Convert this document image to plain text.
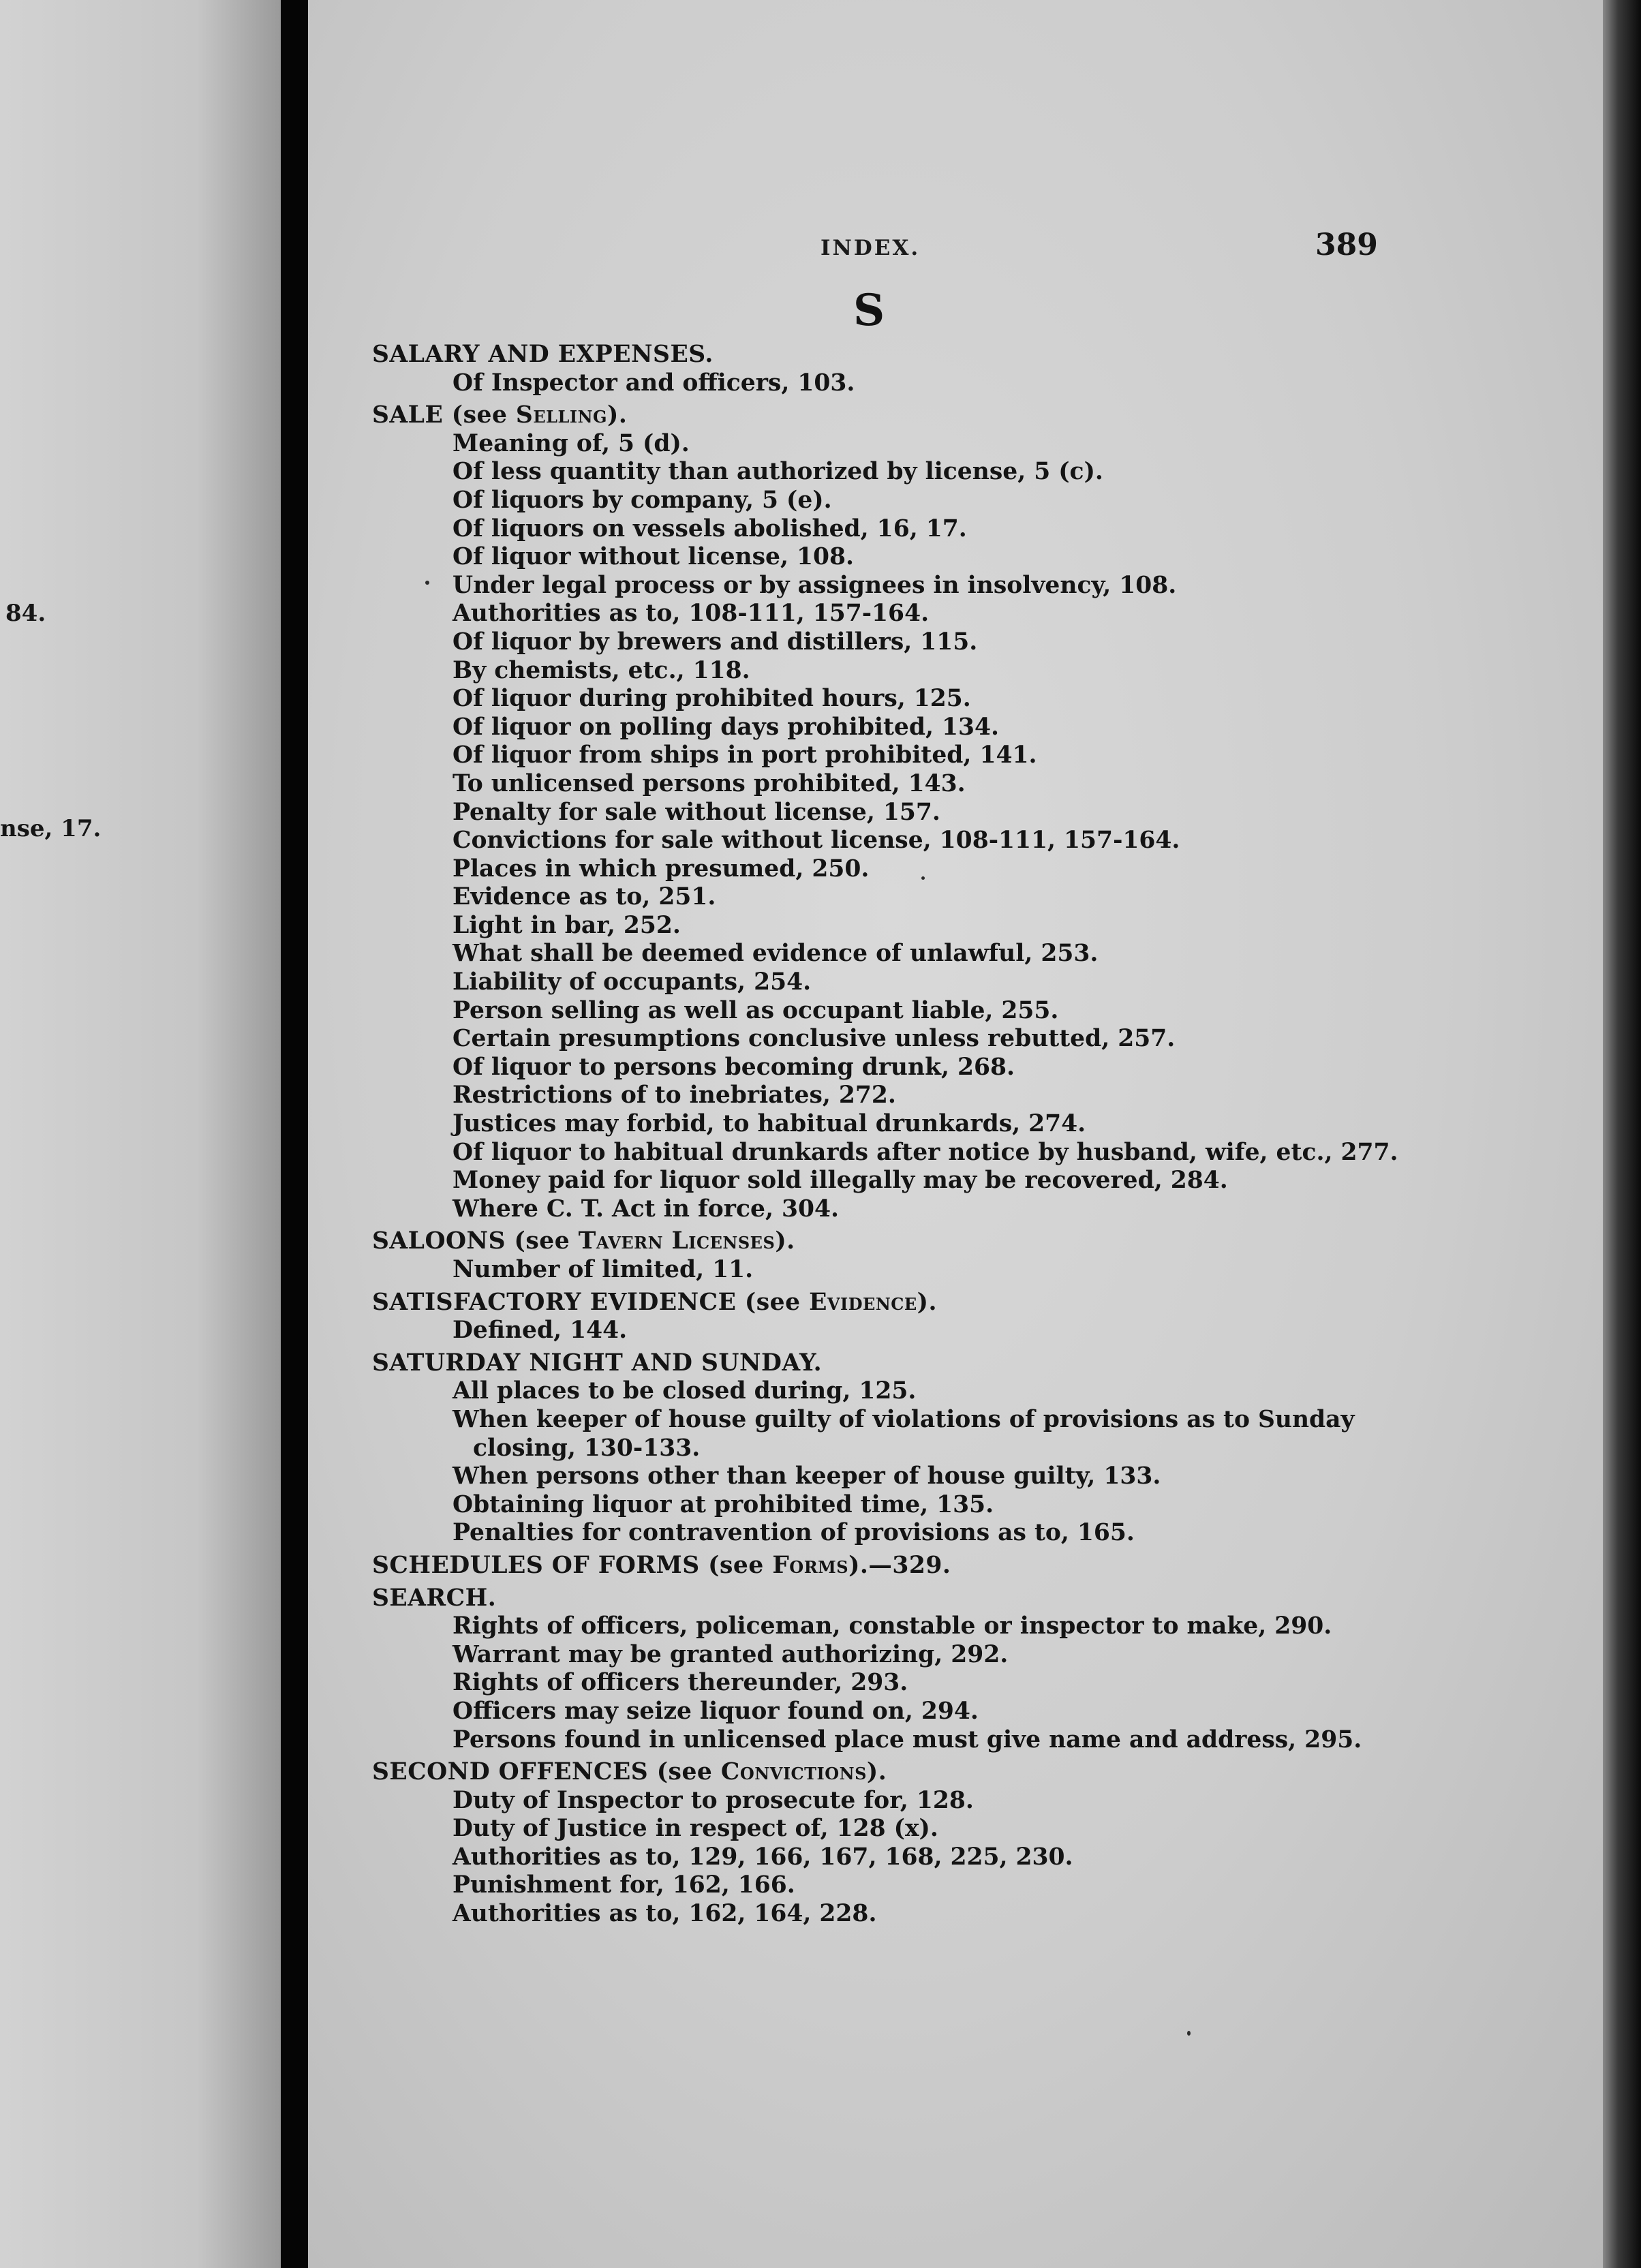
84.
nse, 17.
INDEX.	389
S
SALARY AND EXPENSES.
Of Inspector and officers, 103.
SALE (see Selling).
Meaning of, 5 (d).
Of less quantity than authorized by license, 5 (c).
Of liquors by company, 5 (e).
Of liquors on vessels abolished, 16, 17.
Of liquor without license, 108.
Under legal process or by assignees in insolvency, 108.
Authorities as to, 108-111, 157-164.
Of liquor by brewers and distillers, 115.
By chemists, etc., 118.
Of liquor during prohibited hours, 125.
Of liquor on polling days prohibited, 134.
Of liquor from ships in port prohibited, 141.
To unlicensed persons prohibited, 143.
Penalty for sale without license, 157.
Convictions for sale without license, 108-111, 157-164.
Places in which presumed, 250.
Evidence as to, 251.
Light in bar, 252.
What shall be deemed evidence of unlawful, 253.
Liability of occupants, 254.
Person selling as well as occupant liable, 255.
Certain presumptions conclusive unless rebutted, 257.
Of liquor to persons becoming drunk, 268.
Restrictions of to inebriates, 272.
Justices may forbid, to habitual drunkards, 274.
Of liquor to habitual drunkards after notice by husband, wife, etc., 277.
Money paid for liquor sold illegally may be recovered, 284.
Where C. T. Act in force, 304.
SALOONS (see Tavern Licenses).
Number of limited, 11.
SATISFACTORY EVIDENCE (see Evidence).
Defined, 144.
SATURDAY NIGHT AND SUNDAY.
All places to be closed during, 125.
When keeper of house guilty of violations of provisions as to Sunday
closing, 130-133.
When persons other than keeper of house guilty, 133.
Obtaining liquor at prohibited time, 135.
Penalties for contravention of provisions as to, 165.
SCHEDULES OF FORMS (see Forms).—329.
SEARCH.
Rights of officers, policeman, constable or inspector to make, 290.
Warrant may be granted authorizing, 292.
Rights of officers thereunder, 293.
Officers may seize liquor found on, 294.
Persons found in unlicensed place must give name and address, 295.
SECOND OFFENCES (see Convictions).
Duty of Inspector to prosecute for, 128.
Duty of Justice in respect of, 128 (x).
Authorities as to, 129, 166, 167, 168, 225, 230.
Punishment for, 162, 166.
Authorities as to, 162, 164, 228.
